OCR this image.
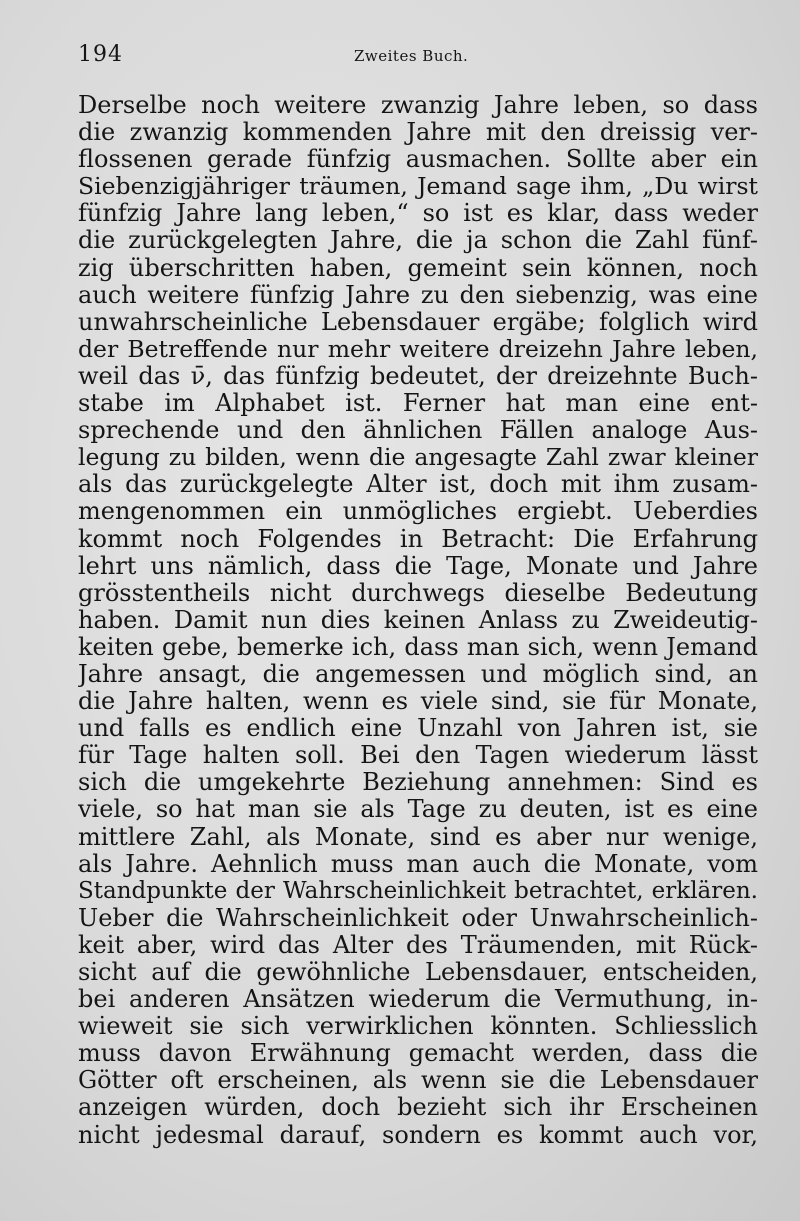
194	Zweites Buch.
Derselbe noch weitere zwanzig Jahre leben, so dass
die zwanzig kommenden Jahre mit den dreissig ver-
flossenen gerade fünfzig ausmachen. Sollte aber ein
Siebenzigjähriger träumen, Jemand sage ihm, „Du wirst
fünfzig Jahre lang leben,“ so ist es klar, dass weder
die zurückgelegten Jahre, die ja schon die Zahl fünf-
zig überschritten haben, gemeint sein können, noch
auch weitere fünfzig Jahre zu den siebenzig, was eine
unwahrscheinliche Lebensdauer ergäbe; folglich wird
der Betreffende nur mehr weitere dreizehn Jahre leben,
weil das ν̄, das fünfzig bedeutet, der dreizehnte Buch-
stabe im Alphabet ist. Ferner hat man eine ent-
sprechende und den ähnlichen Fällen analoge Aus-
legung zu bilden, wenn die angesagte Zahl zwar kleiner
als das zurückgelegte Alter ist, doch mit ihm zusam-
mengenommen ein unmögliches ergiebt. Ueberdies
kommt noch Folgendes in Betracht: Die Erfahrung
lehrt uns nämlich, dass die Tage, Monate und Jahre
grösstentheils nicht durchwegs dieselbe Bedeutung
haben. Damit nun dies keinen Anlass zu Zweideutig-
keiten gebe, bemerke ich, dass man sich, wenn Jemand
Jahre ansagt, die angemessen und möglich sind, an
die Jahre halten, wenn es viele sind, sie für Monate,
und falls es endlich eine Unzahl von Jahren ist, sie
für Tage halten soll. Bei den Tagen wiederum lässt
sich die umgekehrte Beziehung annehmen: Sind es
viele, so hat man sie als Tage zu deuten, ist es eine
mittlere Zahl, als Monate, sind es aber nur wenige,
als Jahre. Aehnlich muss man auch die Monate, vom
Standpunkte der Wahrscheinlichkeit betrachtet, erklären.
Ueber die Wahrscheinlichkeit oder Unwahrscheinlich-
keit aber, wird das Alter des Träumenden, mit Rück-
sicht auf die gewöhnliche Lebensdauer, entscheiden,
bei anderen Ansätzen wiederum die Vermuthung, in-
wieweit sie sich verwirklichen könnten. Schliesslich
muss davon Erwähnung gemacht werden, dass die
Götter oft erscheinen, als wenn sie die Lebensdauer
anzeigen würden, doch bezieht sich ihr Erscheinen
nicht jedesmal darauf, sondern es kommt auch vor,
